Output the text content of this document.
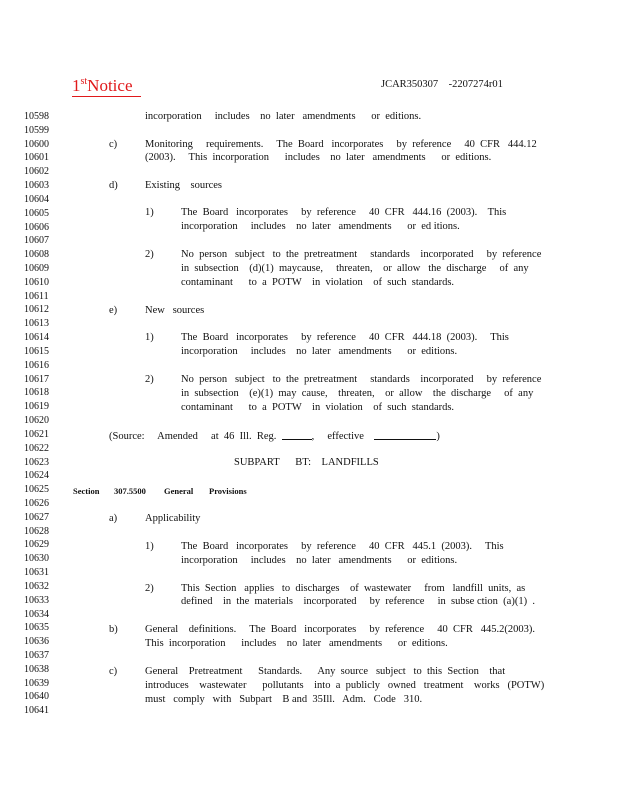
1stNotice	JCAR350307    -2207274r01
10598
10599
10600
10601
10602
10603
10604
10605
10606
10607
10608
10609
10610
10611
10612
10613
10614
10615
10616
10617
10618
10619
10620
10621
10622
10623
10624
10625
10626
10627
10628
10629
10630
10631
10632
10633
10634
10635
10636
10637
10638
10639
10640
10641
incorporation     includes    no  later   amendments      or  editions.
c)	Monitoring     requirements.     The  Board   incorporates     by  reference     40  CFR   444.12
(2003).     This  incorporation      includes    no  later   amendments      or  editions.
d)	Existing    sources
1)	The  Board   incorporates     by  reference     40  CFR   444.16  (2003).    This
incorporation     includes    no  later   amendments      or  ed itions.
2)	No  person   subject   to  the  pretreatment     standards    incorporated     by  reference
in  subsection    (d)(1)  maycause,     threaten,    or  allow   the  discharge     of  any
contaminant      to  a  POTW    in  violation    of  such  standards.
e)	New   sources
1)	The  Board   incorporates     by  reference     40  CFR   444.18  (2003).     This
incorporation     includes    no  later   amendments      or  editions.
2)	No  person   subject   to  the  pretreatment     standards    incorporated     by  reference
in  subsection    (e)(1)  may  cause,    threaten,    or  allow    the  discharge     of  any
contaminant      to  a  POTW    in  violation    of  such  standards.
(Source:     Amended     at  46  Ill.  Reg.	,     effective	)
SUBPART      BT:    LANDFILLS
Section 307.5500 General Provisions
a)	Applicability
1)	The  Board   incorporates     by  reference     40  CFR   445.1  (2003).     This
incorporation     includes    no  later   amendments      or  editions.
2)	This  Section   applies   to  discharges    of  wastewater     from   landfill  units,  as
defined    in  the  materials    incorporated     by  reference     in  subse ction  (a)(1)  .
b)	General    definitions.     The  Board   incorporates     by  reference     40  CFR   445.2(2003).
This  incorporation      includes    no  later   amendments      or  editions.
c)	General    Pretreatment      Standards.      Any  source   subject   to  this  Section    that
introduces    wastewater      pollutants    into  a  publicly   owned   treatment    works   (POTW)
must   comply   with   Subpart    B and  35Ill.   Adm.   Code   310.
